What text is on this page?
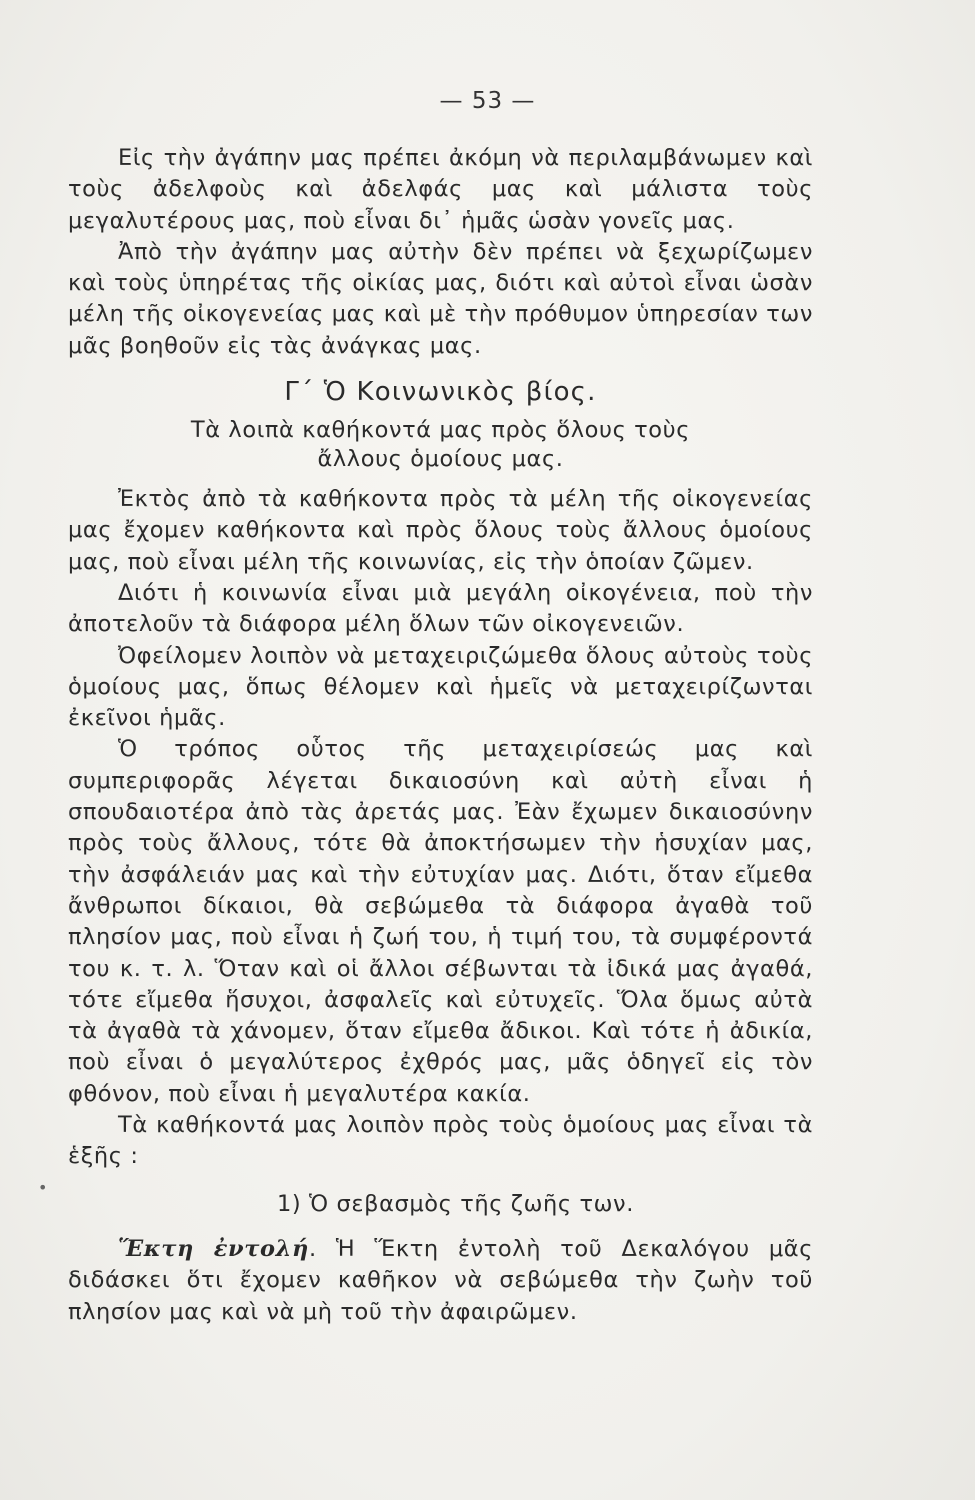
— 53 —

Εἰς τὴν ἀγάπην μας πρέπει ἀκόμη νὰ περιλαμβάνωμεν καὶ τοὺς ἀδελφοὺς καὶ ἀδελφάς μας καὶ μάλιστα τοὺς μεγαλυτέρους μας, ποὺ εἶναι δι᾿ ἡμᾶς ὡσὰν γονεῖς μας.

Ἀπὸ τὴν ἀγάπην μας αὐτὴν δὲν πρέπει νὰ ξεχωρίζωμεν καὶ τοὺς ὑπηρέτας τῆς οἰκίας μας, διότι καὶ αὐτοὶ εἶναι ὡσὰν μέλη τῆς οἰκογενείας μας καὶ μὲ τὴν πρόθυμον ὑπηρεσίαν των μᾶς βοηθοῦν εἰς τὰς ἀνάγκας μας.

Γ΄ Ὁ Κοινωνικὸς βίος.
Τὰ λοιπὰ καθήκοντά μας πρὸς ὅλους τοὺς
ἄλλους ὁμοίους μας.

Ἐκτὸς ἀπὸ τὰ καθήκοντα πρὸς τὰ μέλη τῆς οἰκογενείας μας ἔχομεν καθήκοντα καὶ πρὸς ὅλους τοὺς ἄλλους ὁμοίους μας, ποὺ εἶναι μέλη τῆς κοινωνίας, εἰς τὴν ὁποίαν ζῶμεν.

Διότι ἡ κοινωνία εἶναι μιὰ μεγάλη οἰκογένεια, ποὺ τὴν ἀποτελοῦν τὰ διάφορα μέλη ὅλων τῶν οἰκογενειῶν.

Ὀφείλομεν λοιπὸν νὰ μεταχειριζώμεθα ὅλους αὐτοὺς τοὺς ὁμοίους μας, ὅπως θέλομεν καὶ ἡμεῖς νὰ μεταχειρίζωνται ἐκεῖνοι ἡμᾶς.

Ὁ τρόπος οὗτος τῆς μεταχειρίσεώς μας καὶ συμπεριφορᾶς λέγεται δικαιοσύνη καὶ αὐτὴ εἶναι ἡ σπουδαιοτέρα ἀπὸ τὰς ἀρετάς μας. Ἐὰν ἔχωμεν δικαιοσύνην πρὸς τοὺς ἄλλους, τότε θὰ ἀποκτήσωμεν τὴν ἡσυχίαν μας, τὴν ἀσφάλειάν μας καὶ τὴν εὐτυχίαν μας. Διότι, ὅταν εἴμεθα ἄνθρωποι δίκαιοι, θὰ σεβώμεθα τὰ διάφορα ἀγαθὰ τοῦ πλησίον μας, ποὺ εἶναι ἡ ζωή του, ἡ τιμή του, τὰ συμφέροντά του κ. τ. λ. Ὅταν καὶ οἱ ἄλλοι σέβωνται τὰ ἰδικά μας ἀγαθά, τότε εἴμεθα ἥσυχοι, ἀσφαλεῖς καὶ εὐτυχεῖς. Ὅλα ὅμως αὐτὰ τὰ ἀγαθὰ τὰ χάνομεν, ὅταν εἴμεθα ἄδικοι. Καὶ τότε ἡ ἀδικία, ποὺ εἶναι ὁ μεγαλύτερος ἐχθρός μας, μᾶς ὁδηγεῖ εἰς τὸν φθόνον, ποὺ εἶναι ἡ μεγαλυτέρα κακία.

Τὰ καθήκοντά μας λοιπὸν πρὸς τοὺς ὁμοίους μας εἶναι τὰ ἑξῆς :

1) Ὁ σεβασμὸς τῆς ζωῆς των.

Ἕκτη ἐντολή. Ἡ Ἕκτη ἐντολὴ τοῦ Δεκαλόγου μᾶς διδάσκει ὅτι ἔχομεν καθῆκον νὰ σεβώμεθα τὴν ζωὴν τοῦ πλησίον μας καὶ νὰ μὴ τοῦ τὴν ἀφαιρῶμεν.

•
